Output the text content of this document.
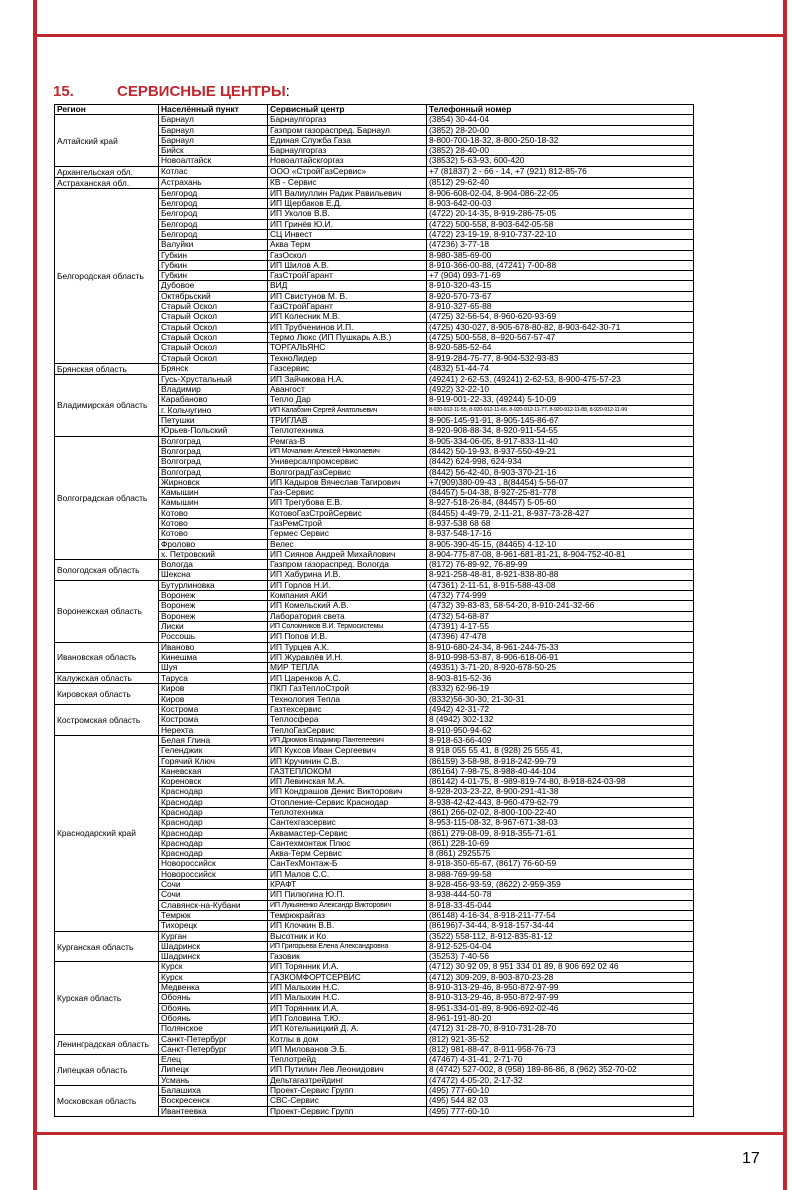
15.	СЕРВИСНЫЕ ЦЕНТРЫ:
Регион	Населённый пункт	Сервисный центр	Телефонный номер
Алтайский край	Барнаул	Барнаулгоргаз	(3854) 30-44-04
	Барнаул	Газпром газораспред. Барнаул	(3852) 28-20-00
	Барнаул	Единая Служба Газа	8-800-700-18-32, 8-800-250-18-32
	Бийск	Барнаулгоргаз	(3852) 28-40-00
	Новоалтайск	Новоалтайскгоргаз	(38532) 5-63-93, 600-420
Архангельская обл.	Котлас	ООО «СтройГазСервис»	+7 (81837) 2 - 66 - 14, +7 (921) 812-85-76
Астраханская обл.	Астрахань	КВ - Сервис	(8512) 29-62-40
Белгородская область	Белгород	ИП Валиуллин Радик Равильевич	8-906-608-02-04, 8-904-086-22-05
	Белгород	ИП Щербаков Е.Д.	8-903-642-00-03
	Белгород	ИП Уколов В.В.	(4722) 20-14-35, 8-919-286-75-05
	Белгород	ИП Гринёв Ю.И.	(4722) 500-558, 8-903-642-05-58
	Белгород	СЦ Инвест	(4722) 23-19-19, 8-910-737-22-10
	Валуйки	Аква Терм	(47236) 3-77-18
	Губкин	ГазОскол	8-980-385-69-00
	Губкин	ИП Шилов А.В.	8-910-366-00-88, (47241) 7-00-88
	Губкин	ГазСтройГарант	+7 (904) 093-71-69
	Дубовое	ВИД	8-910-320-43-15
	Октябрьский	ИП Свистунов М. В.	8-920-570-73-67
	Старый Оскол	ГазСтройГарант	8-910-327-65-88
	Старый Оскол	ИП Колесник М.В.	(4725) 32-56-54, 8-960-620-93-69
	Старый Оскол	ИП Трубченинов И.П.	(4725) 430-027, 8-905-678-80-82, 8-903-642-30-71
	Старый Оскол	Термо Люкс (ИП Пушкарь А.В.)	(4725) 500-558, 8–920-567-57-47
	Старый Оскол	ТОРГАЛЬЯНС	8-920-585-52-64
	Старый Оскол	ТехноЛидер	8-919-284-75-77, 8-904-532-93-83
Брянская область	Брянск	Газсервис	(4832) 51-44-74
Владимирская область	Гусь-Хрустальный	ИП Зайчикова Н.А.	(49241) 2-62-53, (49241) 2-62-53, 8-900-475-57-23
	Владимир	Авангост	(4922) 32-22-10
	Карабаново	Тепло Дар	8-919-001-22-33, (49244) 5-10-09
	г. Кольчугино	ИП Калабзин Сергей Анатольевич	8-920-912-11-55, 8-920-912-11-66, 8-920-912-11-77, 8-920-912-11-88, 8-920-912-11-99
	Петушки	ТРИГЛАВ	8-905-145-91-91, 8-905-145-86-67
	Юрьев-Польский	Теплотехника	8-920-908-88-34, 8-920-911-54-55
Волгоградская область	Волгоград	Ремгаз-В	8-905-334-06-05, 8-917-833-11-40
	Волгоград	ИП Мочалкин Алексей Николаевич	(8442) 50-19-93, 8-937-550-49-21
	Волгоград	Универсалпромсервис	(8442) 624-998, 624-934
	Волгоград	ВолгоградГазСервис	(8442) 56-42-40, 8-903-370-21-16
	Жирновск	ИП Кадыров Вячеслав Тагирович	+7(909)380-09-43 , 8(84454) 5-56-07
	Камышин	Газ-Сервис	(84457) 5-04-38, 8-927-25-81-778
	Камышин	ИП Трегубова Е.В.	8-927-518-26-84, (84457) 5-05-60
	Котово	КотовоГазСтройСервис	(84455) 4-49-79, 2-11-21, 8-937-73-28-427
	Котово	ГазРемСтрой	8-937-538 68 68
	Котово	Гермес Сервис	8-937-548-17-16
	Фролово	Велес	8-905-390-45-15, (84465) 4-12-10
	х. Петровский	ИП Сиянов Андрей Михайлович	8-904-775-87-08, 8-961-681-81-21, 8-904-752-40-81
Вологодская область	Вологда	Газпром газораспред. Вологда	(8172) 76-89-92, 76-89-99
	Шексна	ИП Хабурина И.В.	8-921-258-48-81, 8-921-838-80-88
Воронежская область	Бутурлиновка	ИП Горлов Н.И.	(47361) 2-11-51, 8-915-588-43-08
	Воронеж	Компания АКИ	(4732) 774-999
	Воронеж	ИП Комельский А.В.	(4732) 39-83-83, 58-54-20, 8-910-241-32-66
	Воронеж	Лаборатория света	(4732) 54-68-87
	Лиски	ИП Соломников В.И. Термосистемы	(47391) 4-17-55
	Россошь	ИП Попов И.В.	(47396) 47-478
Ивановская область	Иваново	ИП Турцев А.К.	8-910-680-24-34, 8-961-244-75-33
	Кинешма	ИП Журавлёв И.Н.	8-910-998-53-87, 8-906-618-06-91
	Шуя	МИР ТЕПЛА	(49351) 3-71-20, 8-920-678-50-25
Калужская область	Таруса	ИП Царенков А.С.	8-903-815-52-36
Кировская область	Киров	ПКП ГазТеплоСтрой	(8332) 62-96-19
	Киров	Технология Тепла	(8332)56-30-30, 21-30-31
Костромская область	Кострома	Газтехсервис	(4942) 42-31-72
	Кострома	Теплосфера	8 (4942) 302-132
	Нерехта	ТеплоГазСервис	8-910-950-94-62
Краснодарский край	Белая Глина	ИП Дрюмов Владимир Пантелеевич	8-918-63-66-409
	Геленджик	ИП Куксов Иван Сергеевич	8 918 055 55 41, 8 (928) 25 555 41,
	Горячий Ключ	ИП Кручинин С.В.	(86159) 3-58-98, 8-918-242-99-79
	Каневская	ГАЗТЕПЛОКОМ	(86164) 7-98-75, 8-988-40-44-104
	Кореновск	ИП Левинская М.А.	(86142) 4-01-75, 8 -989-819-74-80, 8-918-624-03-98
	Краснодар	ИП Кондрашов Денис Викторович	8-928-203-23-22, 8-900-291-41-38
	Краснодар	Отопление-Сервис Краснодар	8-938-42-42-443, 8-960-479-62-79
	Краснодар	Теплотехника	(861) 266-02-02, 8-800-100-22-40
	Краснодар	Сантехгазсервис	8-953-115-08-32, 8-967-671-38-03
	Краснодар	Аквамастер-Сервис	(861) 279-08-09, 8-918-355-71-61
	Краснодар	Сантехмонтаж Плюс	(861) 228-10-69
	Краснодар	Аква-Терм Сервис	8 (861) 2925575
	Новороссийск	СанТехМонтаж-Б	8-918-350-65-67, (8617) 76-60-59
	Новороссийск	ИП Малов С.С.	8-988-769-99-58
	Сочи	КРАФТ	8-928-456-93-59, (8622) 2-959-359
	Сочи	ИП Пилюгина Ю.П.	8-938-444-50-78
	Славянск-на-Кубани	ИП Лукьяненко Александр Викторович	8-918-33-45-044
	Темрюк	Темрюкрайгаз	(86148) 4-16-34, 8-918-211-77-54
	Тихорецк	ИП Клочкин В.В.	(86196)7-34-44, 8-918-157-34-44
Курганская область	Курган	Высотник и Ко	(3522) 558-112, 8-912-835-81-12
	Шадринск	ИП Григорьева Елена Александровна	8-912-525-04-04
	Шадринск	Газовик	(35253) 7-40-56
Курская область	Курск	ИП Торянник И.А.	(4712) 30 92 09, 8 951 334 01 89, 8 906 692 02 46
	Курск	ГАЗКОМФОРТСЕРВИС	(4712) 309-209, 8-903-870-23-28
	Медвенка	ИП Малыхин Н.С.	8-910-313-29-46, 8-950-872-97-99
	Обоянь	ИП Малыхин Н.С.	8-910-313-29-46, 8-950-872-97-99
	Обоянь	ИП Торянник И.А.	8-951-334-01-89, 8-906-692-02-46
	Обоянь	ИП Головина Т.Ю.	8-961-191-80-20
	Полянское	ИП Котельницкий Д. А.	(4712) 31-28-70, 8-910-731-28-70
Ленинградская область	Санкт-Петербург	Котлы в дом	(812) 921-35-52
	Санкт-Петербург	ИП Милованов Э.Б.	(812) 981-88-47, 8-911-958-76-73
Липецкая область	Елец	Теплотрейд	(47467) 4-31-41, 2-71-70
	Липецк	ИП Путилин Лев Леонидович	8 (4742) 527-002, 8 (958) 189-86-86, 8 (962) 352-70-02
	Усмань	Дельтагазтрейдинг	(47472) 4-05-20, 2-17-32
Московская область	Балашиха	Проект-Сервис Групп	(495) 777-60-10
	Воскресенск	СВС-Сервис	(495) 544 82 03
	Ивантеевка	Проект-Сервис Групп	(495) 777-60-10
17
